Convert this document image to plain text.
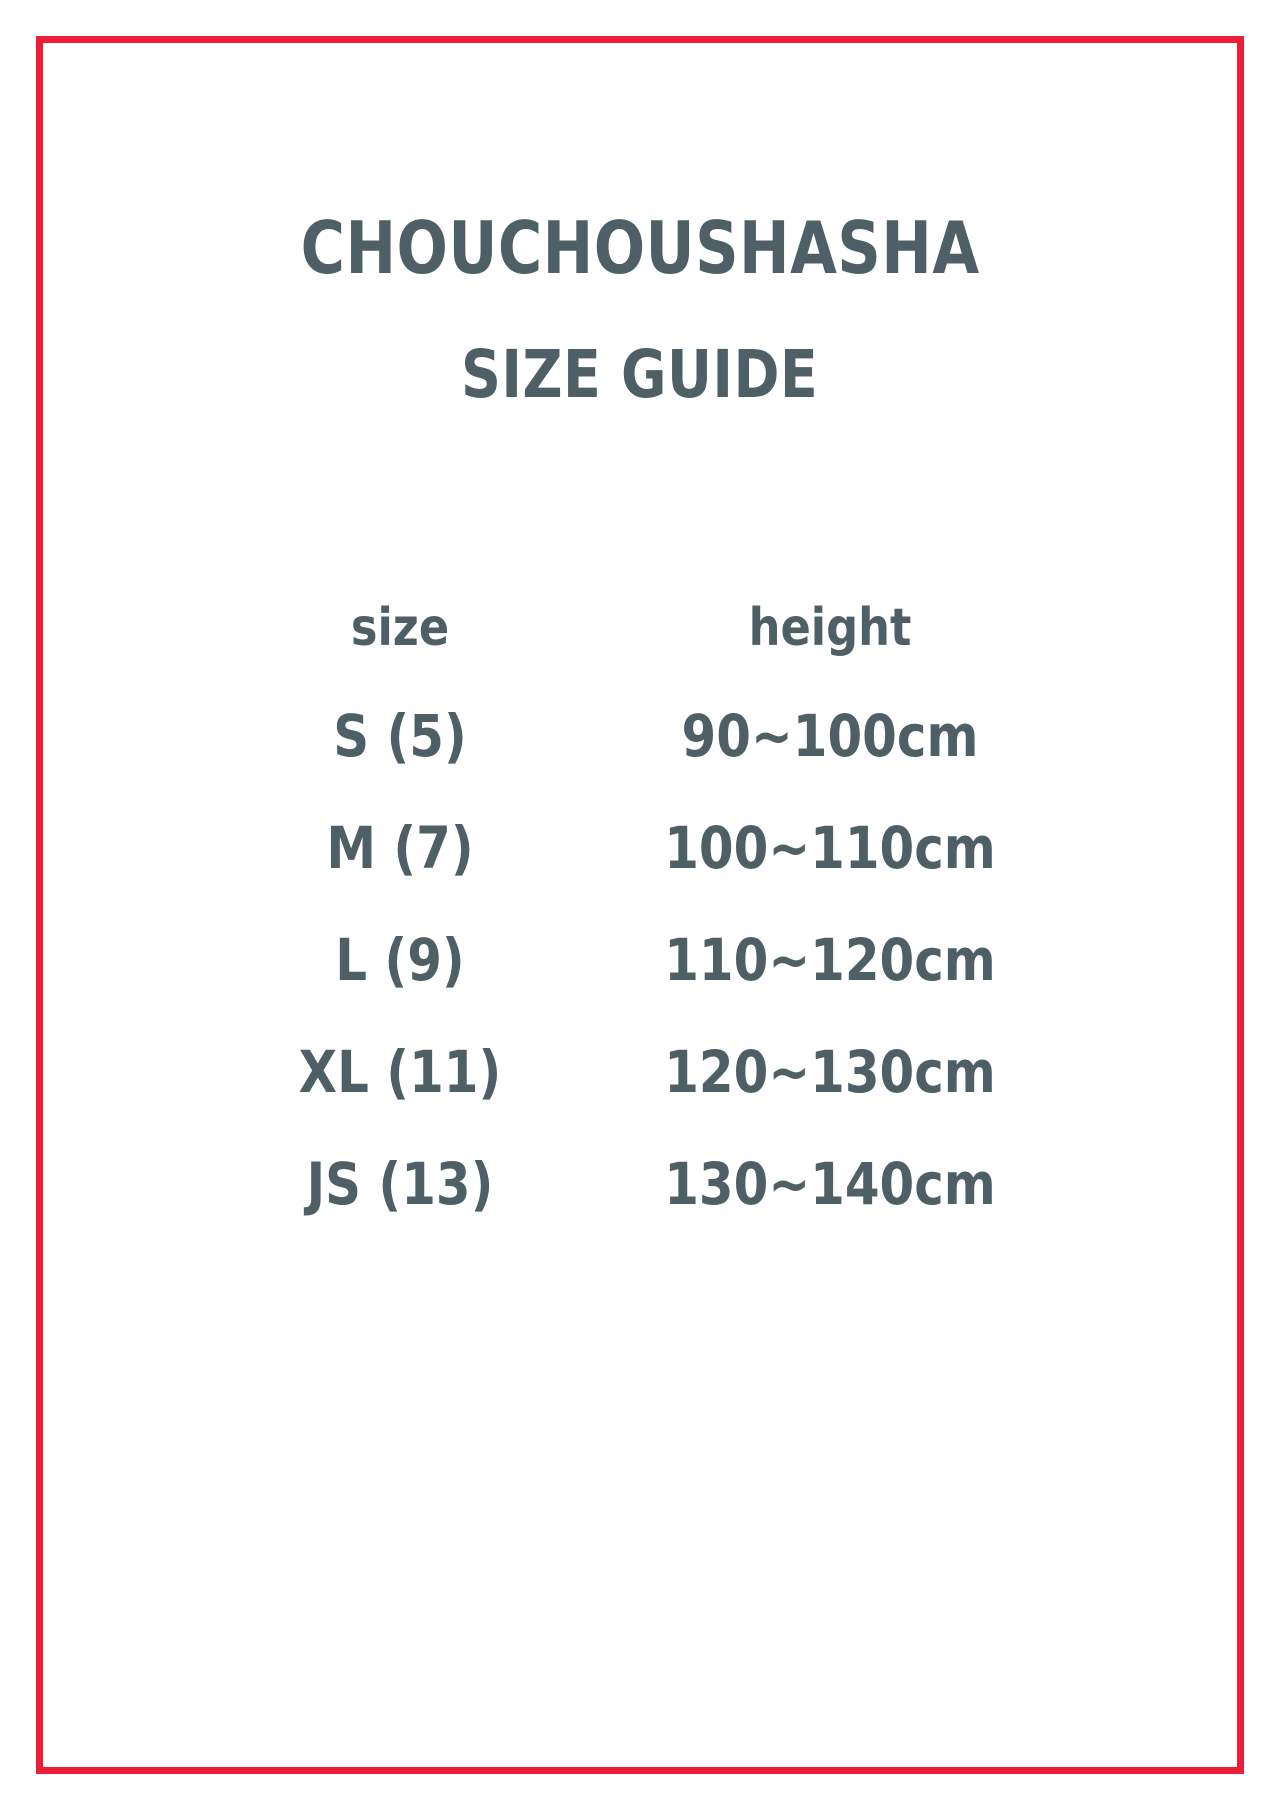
CHOUCHOUSHASHA
SIZE GUIDE
size	height
S (5)	90~100cm
M (7)	100~110cm
L (9)	110~120cm
XL (11)	120~130cm
JS (13)	130~140cm
